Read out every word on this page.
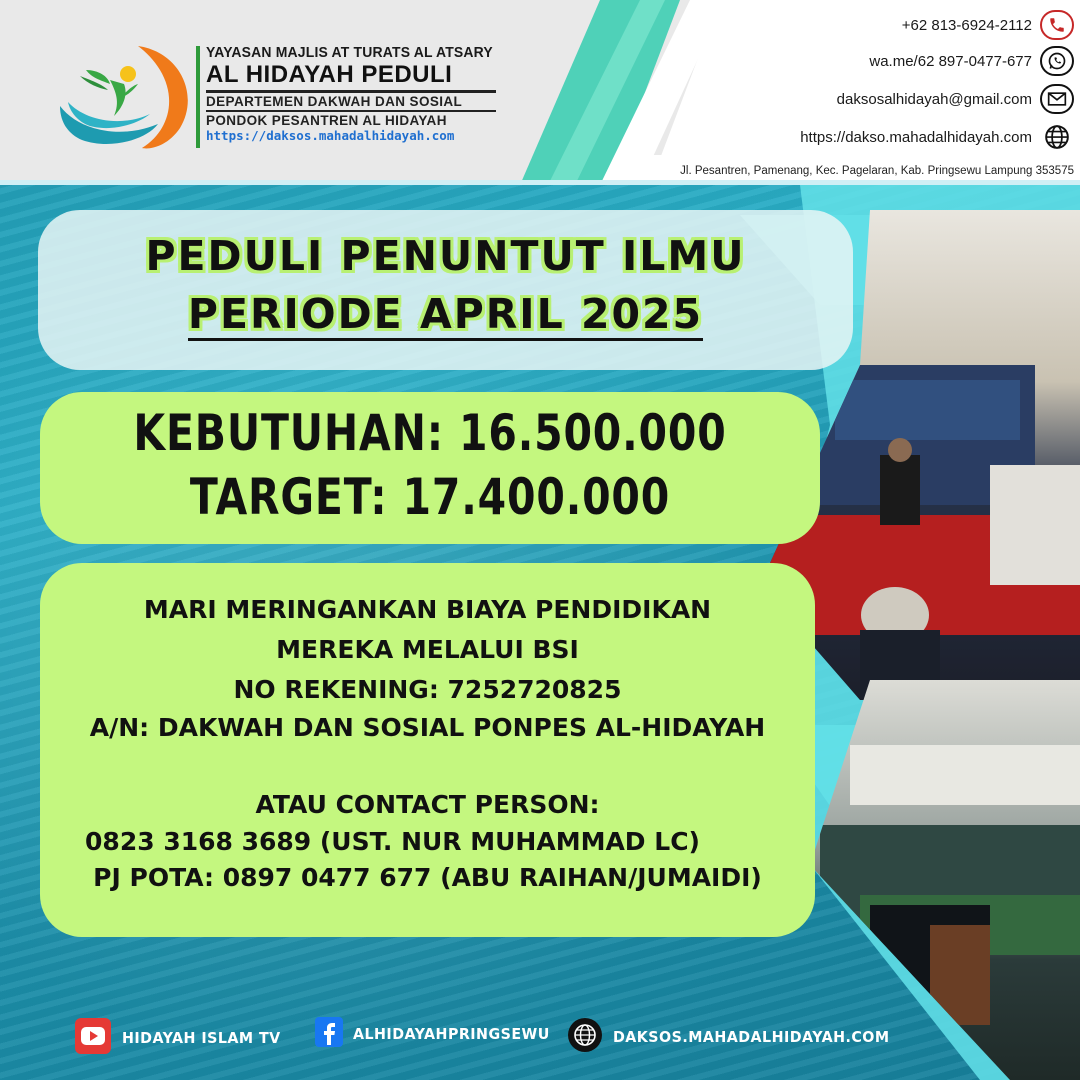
YAYASAN MAJLIS AT TURATS AL ATSARY
AL HIDAYAH PEDULI
DEPARTEMEN DAKWAH DAN SOSIAL
PONDOK PESANTREN AL HIDAYAH
https://daksos.mahadalhidayah.com
+62 813-6924-2112
wa.me/62 897-0477-677
daksosalhidayah@gmail.com
https://dakso.mahadalhidayah.com
Jl. Pesantren, Pamenang, Kec. Pagelaran, Kab. Pringsewu Lampung 353575
PEDULI PENUNTUT ILMU
PERIODE APRIL 2025
KEBUTUHAN: 16.500.000
TARGET: 17.400.000
MARI MERINGANKAN BIAYA PENDIDIKAN
MEREKA MELALUI BSI
NO REKENING: 7252720825
A/N: DAKWAH DAN SOSIAL PONPES AL-HIDAYAH
ATAU CONTACT PERSON:
0823 3168 3689 (UST. NUR MUHAMMAD LC)
PJ POTA: 0897 0477 677 (ABU RAIHAN/JUMAIDI)
HIDAYAH ISLAM TV	ALHIDAYAHPRINGSEWU	DAKSOS.MAHADALHIDAYAH.COM
